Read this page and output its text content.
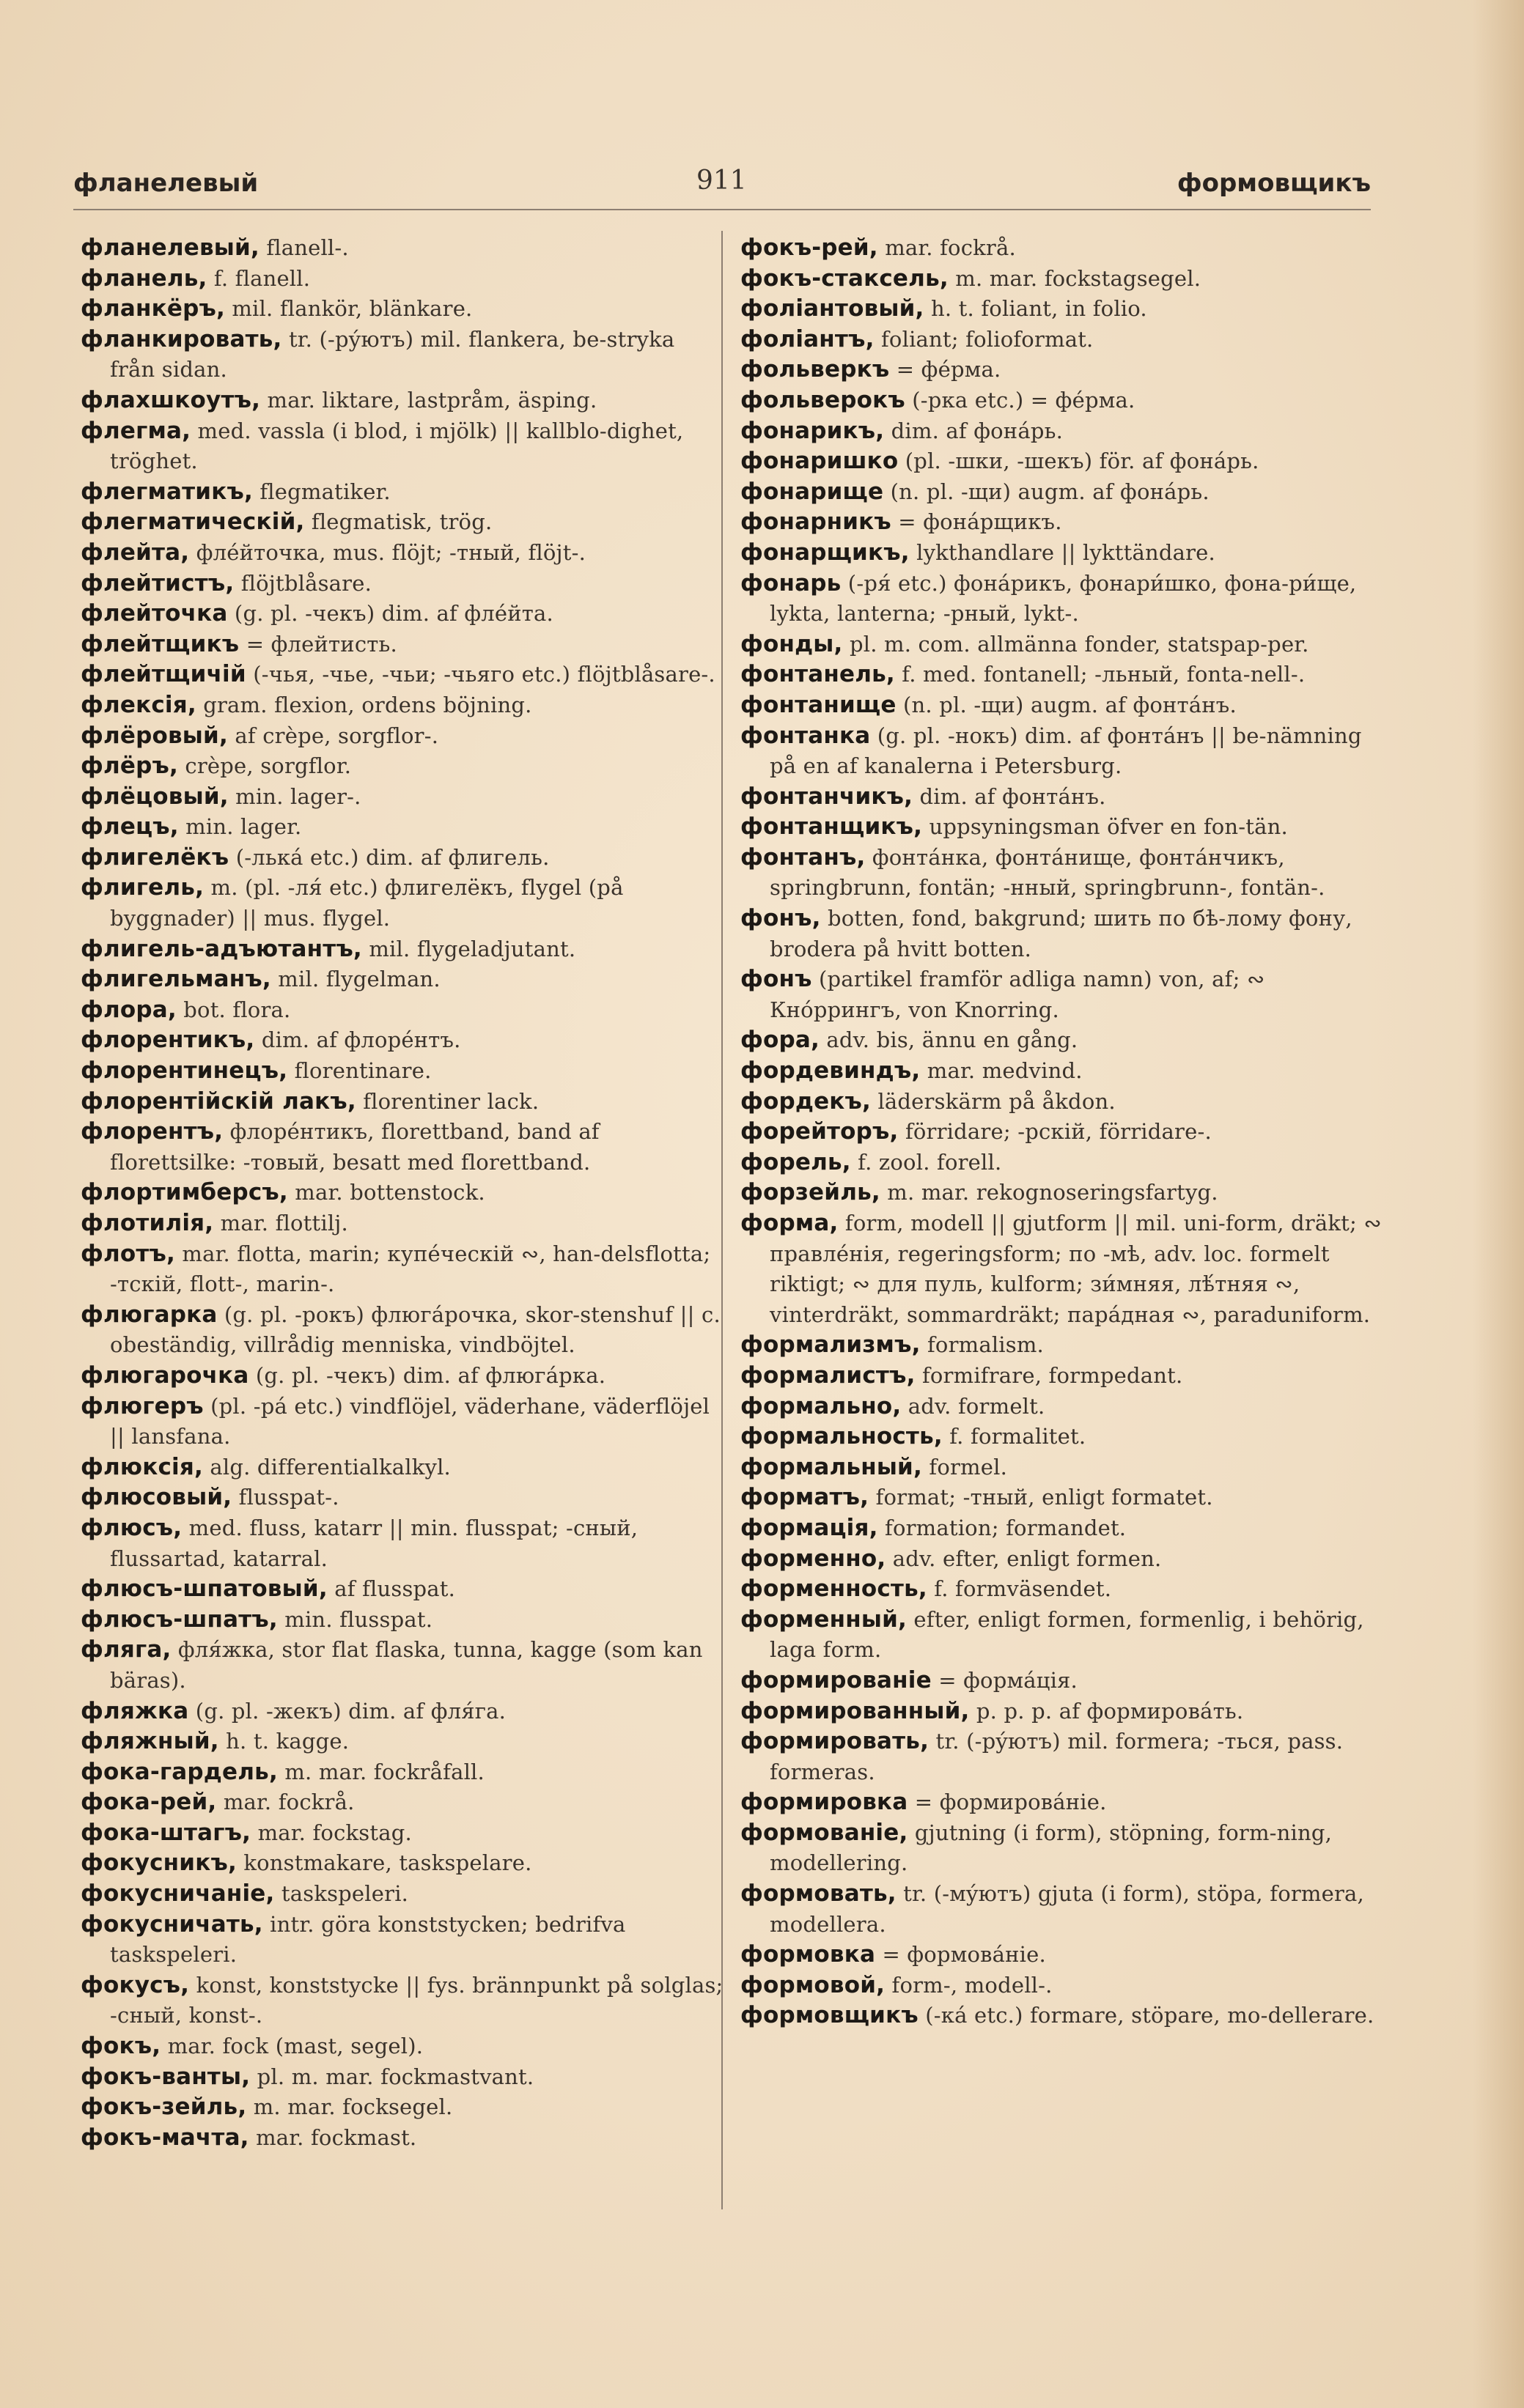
фланелевый	911	формовщикъ
фланелевый, flanell-.
фланель, f. flanell.
фланкёръ, mil. flankör, blänkare.
фланкировать, tr. (-рýютъ) mil. flankera, be-stryka från sidan.
флахшкоутъ, mar. liktare, lastpråm, äsping.
флегма, med. vassla (i blod, i mjölk) || kallblo-dighet, tröghet.
флегматикъ, flegmatiker.
флегматическій, flegmatisk, trög.
флейта, флéйточка, mus. flöjt; -тный, flöjt-.
флейтистъ, flöjtblåsare.
флейточка (g. pl. -чекъ) dim. af флéйта.
флейтщикъ = флейтисть.
флейтщичій (-чья, -чье, -чьи; -чьяго etc.) flöjtblåsare-.
флексія, gram. flexion, ordens böjning.
флёровый, af crèpe, sorgflor-.
флёръ, crèpe, sorgflor.
флёцовый, min. lager-.
флецъ, min. lager.
флигелёкъ (-лькá etc.) dim. af флигель.
флигель, m. (pl. -ля́ etc.) флигелёкъ, flygel (på byggnader) || mus. flygel.
флигель-адъютантъ, mil. flygeladjutant.
флигельманъ, mil. flygelman.
флора, bot. flora.
флорентикъ, dim. af флорéнтъ.
флорентинецъ, florentinare.
флорентійскій лакъ, florentiner lack.
флорентъ, флорéнтикъ, florettband, band af florettsilke: -товый, besatt med florettband.
флортимберсъ, mar. bottenstock.
флотилія, mar. flottilj.
флотъ, mar. flotta, marin; купéческій ∾, han-delsflotta; -тскій, flott-, marin-.
флюгарка (g. pl. -рокъ) флюгáрочка, skor-stenshuf || c. obeständig, villrådig menniska, vindböjtel.
флюгарочка (g. pl. -чекъ) dim. af флюгáрка.
флюгеръ (pl. -pá etc.) vindflöjel, väderhane, väderflöjel || lansfana.
флюксія, alg. differentialkalkyl.
флюсовый, flusspat-.
флюсъ, med. fluss, katarr || min. flusspat; -сный, flussartad, katarral.
флюсъ-шпатовый, af flusspat.
флюсъ-шпатъ, min. flusspat.
фляга, фля́жка, stor flat flaska, tunna, kagge (som kan bäras).
фляжка (g. pl. -жекъ) dim. af фля́га.
фляжный, h. t. kagge.
фока-гардель, m. mar. fockråfall.
фока-рей, mar. fockrå.
фока-штагъ, mar. fockstag.
фокусникъ, konstmakare, taskspelare.
фокусничаніе, taskspeleri.
фокусничать, intr. göra konststycken; bedrifva taskspeleri.
фокусъ, konst, konststycke || fys. brännpunkt på solglas; -сный, konst-.
фокъ, mar. fock (mast, segel).
фокъ-ванты, pl. m. mar. fockmastvant.
фокъ-зейль, m. mar. focksegel.
фокъ-мачта, mar. fockmast.
фокъ-рей, mar. fockrå.
фокъ-стаксель, m. mar. fockstagsegel.
фоліантовый, h. t. foliant, in folio.
фоліантъ, foliant; folioformat.
фольверкъ = фéрма.
фольверокъ (-рка etc.) = фéрма.
фонарикъ, dim. af фонáрь.
фонаришко (pl. -шки, -шекъ) för. af фонáрь.
фонарище (n. pl. -щи) augm. af фонáрь.
фонарникъ = фонáрщикъ.
фонарщикъ, lykthandlare || lykttändare.
фонарь (-ря́ etc.) фонáрикъ, фонари́шко, фона-ри́ще, lykta, lanterna; -рный, lykt-.
фонды, pl. m. com. allmänna fonder, statspap-per.
фонтанель, f. med. fontanell; -льный, fonta-nell-.
фонтанище (n. pl. -щи) augm. af фонтáнъ.
фонтанка (g. pl. -нокъ) dim. af фонтáнъ || be-nämning på en af kanalerna i Petersburg.
фонтанчикъ, dim. af фонтáнъ.
фонтанщикъ, uppsyningsman öfver en fon-tän.
фонтанъ, фонтáнка, фонтáнище, фонтáнчикъ, springbrunn, fontän; -нный, springbrunn-, fontän-.
фонъ, botten, fond, bakgrund; шить по бѣ-лому фону, brodera på hvitt botten.
фонъ (partikel framför adliga namn) von, af; ∾ Кнóррингъ, von Knorring.
фора, adv. bis, ännu en gång.
фордевиндъ, mar. medvind.
фордекъ, läderskärm på åkdon.
форейторъ, förridare; -рскій, förridare-.
форель, f. zool. forell.
форзейль, m. mar. rekognoseringsfartyg.
форма, form, modell || gjutform || mil. uni-form, dräkt; ∾ правлéнія, regeringsform; по -мѣ, adv. loc. formelt riktigt; ∾ для пуль, kulform; зи́мняя, лѣ́тняя ∾, vinterdräkt, sommardräkt; парáдная ∾, paraduniform.
формализмъ, formalism.
формалистъ, formifrare, formpedant.
формально, adv. formelt.
формальность, f. formalitet.
формальный, formel.
форматъ, format; -тный, enligt formatet.
формація, formation; formandet.
форменно, adv. efter, enligt formen.
форменность, f. formväsendet.
форменный, efter, enligt formen, formenlig, i behörig, laga form.
формированіе = формáція.
формированный, p. p. p. af формировáть.
формировать, tr. (-рýютъ) mil. formera; -ться, pass. formeras.
формировка = формировáніе.
формованіе, gjutning (i form), stöpning, form-ning, modellering.
формовать, tr. (-мýютъ) gjuta (i form), stöpa, formera, modellera.
формовка = формовáніе.
формовой, form-, modell-.
формовщикъ (-кá etc.) formare, stöpare, mo-dellerare.
